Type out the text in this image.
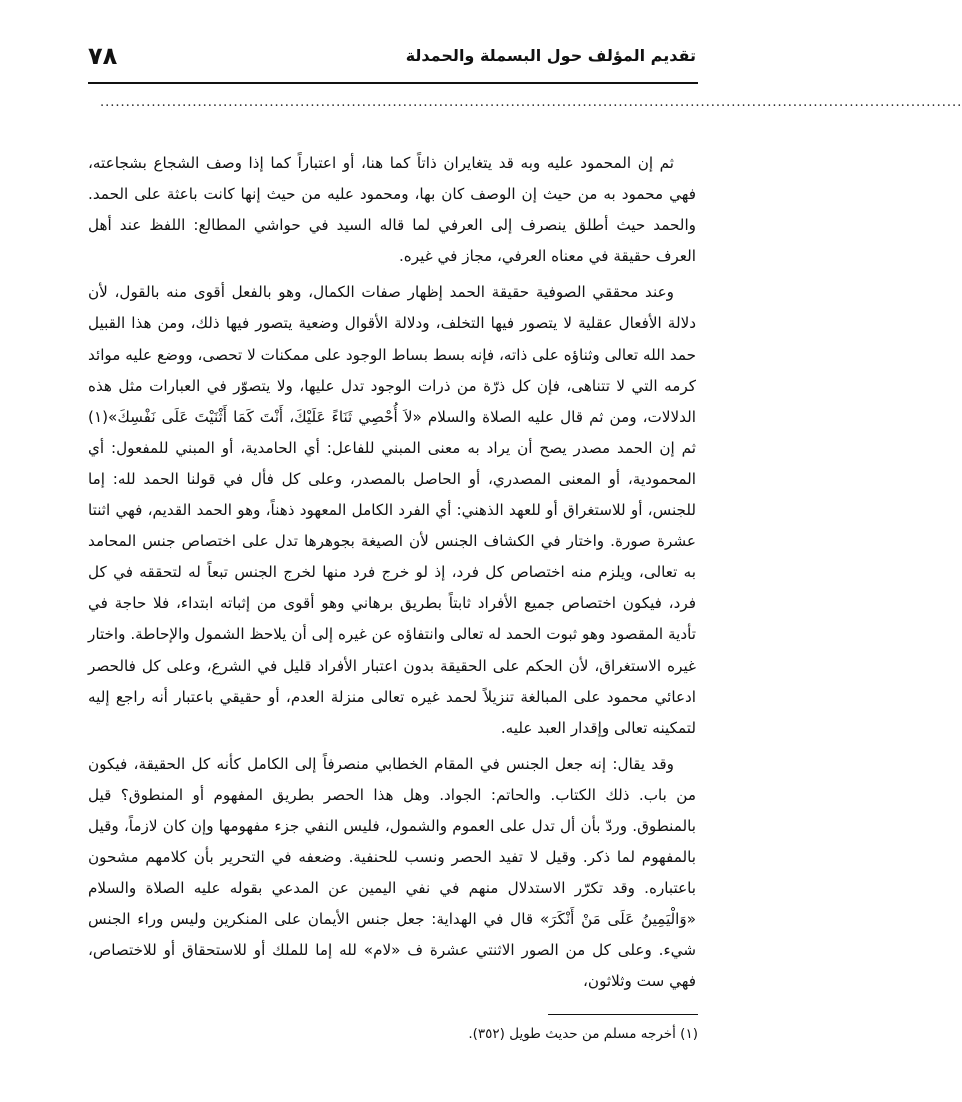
تقديم المؤلف حول البسملة والحمدلة
٧٨
........................................................................................................................................................................

ثم إن المحمود عليه وبه قد يتغايران ذاتاً كما هنا، أو اعتباراً كما إذا وصف الشجاع بشجاعته، فهي محمود به من حيث إن الوصف كان بها، ومحمود عليه من حيث إنها كانت باعثة على الحمد. والحمد حيث أطلق ينصرف إلى العرفي لما قاله السيد في حواشي المطالع: اللفظ عند أهل العرف حقيقة في معناه العرفي، مجاز في غيره.

وعند محققي الصوفية حقيقة الحمد إظهار صفات الكمال، وهو بالفعل أقوى منه بالقول، لأن دلالة الأفعال عقلية لا يتصور فيها التخلف، ودلالة الأقوال وضعية يتصور فيها ذلك، ومن هذا القبيل حمد الله تعالى وثناؤه على ذاته، فإنه بسط بساط الوجود على ممكنات لا تحصى، ووضع عليه موائد كرمه التي لا تتناهى، فإن كل ذرّة من ذرات الوجود تدل عليها، ولا يتصوّر في العبارات مثل هذه الدلالات، ومن ثم قال عليه الصلاة والسلام «لاَ أُحْصِي ثَنَاءً عَلَيْكَ، أَنْتَ كَمَا أَثْنَيْتَ عَلَى نَفْسِكَ»(١) ثم إن الحمد مصدر يصح أن يراد به معنى المبني للفاعل: أي الحامدية، أو المبني للمفعول: أي المحمودية، أو المعنى المصدري، أو الحاصل بالمصدر، وعلى كل فأل في قولنا الحمد لله: إما للجنس، أو للاستغراق أو للعهد الذهني: أي الفرد الكامل المعهود ذهناً، وهو الحمد القديم، فهي اثنتا عشرة صورة. واختار في الكشاف الجنس لأن الصيغة بجوهرها تدل على اختصاص جنس المحامد به تعالى، ويلزم منه اختصاص كل فرد، إذ لو خرج فرد منها لخرج الجنس تبعاً له لتحققه في كل فرد، فيكون اختصاص جميع الأفراد ثابتاً بطريق برهاني وهو أقوى من إثباته ابتداء، فلا حاجة في تأدية المقصود وهو ثبوت الحمد له تعالى وانتفاؤه عن غيره إلى أن يلاحظ الشمول والإحاطة. واختار غيره الاستغراق، لأن الحكم على الحقيقة بدون اعتبار الأفراد قليل في الشرع، وعلى كل فالحصر ادعائي محمود على المبالغة تنزيلاً لحمد غيره تعالى منزلة العدم، أو حقيقي باعتبار أنه راجع إليه لتمكينه تعالى وإقدار العبد عليه.

وقد يقال: إنه جعل الجنس في المقام الخطابي منصرفاً إلى الكامل كأنه كل الحقيقة، فيكون من باب. ذلك الكتاب. والحاتم: الجواد. وهل هذا الحصر بطريق المفهوم أو المنطوق؟ قيل بالمنطوق. وردّ بأن أل تدل على العموم والشمول، فليس النفي جزء مفهومها وإن كان لازماً، وقيل بالمفهوم لما ذكر. وقيل لا تفيد الحصر ونسب للحنفية. وضعفه في التحرير بأن كلامهم مشحون باعتباره. وقد تكرّر الاستدلال منهم في نفي اليمين عن المدعي بقوله عليه الصلاة والسلام «وَالْيَمِينُ عَلَى مَنْ أَنْكَرَ» قال في الهداية: جعل جنس الأيمان على المنكرين وليس وراء الجنس شيء. وعلى كل من الصور الاثنتي عشرة ف «لام» لله إما للملك أو للاستحقاق أو للاختصاص، فهي ست وثلاثون،

(١) أخرجه مسلم من حديث طويل (٣٥٢).
